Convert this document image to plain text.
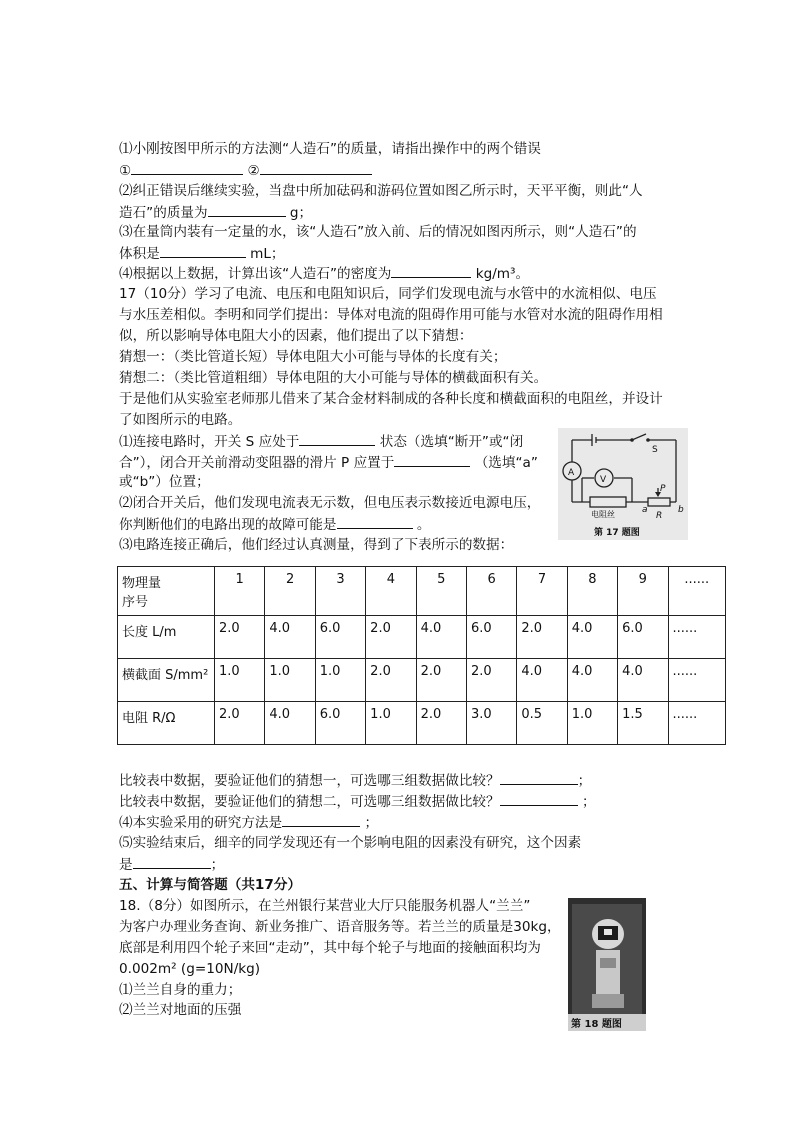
⑴小刚按图甲所示的方法测“人造石”的质量，请指出操作中的两个错误
①	②
⑵纠正错误后继续实验，当盘中所加砝码和游码位置如图乙所示时，天平平衡，则此“人
造石”的质量为	g；
⑶在量筒内装有一定量的水，该“人造石”放入前、后的情况如图丙所示，则“人造石”的
体积是	mL；
⑷根据以上数据，计算出该“人造石”的密度为	kg/m³。
17（10分）学习了电流、电压和电阻知识后，同学们发现电流与水管中的水流相似、电压
与水压差相似。李明和同学们提出：导体对电流的阻碍作用可能与水管对水流的阻碍作用相
似，所以影响导体电阻大小的因素，他们提出了以下猜想：
猜想一：（类比管道长短）导体电阻大小可能与导体的长度有关；
猜想二：（类比管道粗细）导体电阻的大小可能与导体的横截面积有关。
于是他们从实验室老师那儿借来了某合金材料制成的各种长度和横截面积的电阻丝，并设计
了如图所示的电路。
⑴连接电路时，开关 S 应处于	状态（选填“断开”或“闭
合”），闭合开关前滑动变阻器的滑片 P 应置于	（选填“a”
或“b”）位置；
⑵闭合开关后，他们发现电流表无示数，但电压表示数接近电源电压，
你判断他们的电路出现的故障可能是	。
⑶电路连接正确后，他们经过认真测量，得到了下表所示的数据：
A
V
S
电阻丝	a	b
P
R
第 17 题图
物理量
序号	1	2	3	4	5	6	7	8	9	......
长度 L/m	2.0	4.0	6.0	2.0	4.0	6.0	2.0	4.0	6.0	......
横截面 S/mm²	1.0	1.0	1.0	2.0	2.0	2.0	4.0	4.0	4.0	......
电阻 R/Ω	2.0	4.0	6.0	1.0	2.0	3.0	0.5	1.0	1.5	......
比较表中数据，要验证他们的猜想一，可选哪三组数据做比较？	；
比较表中数据，要验证他们的猜想二，可选哪三组数据做比较？	；
⑷本实验采用的研究方法是	；
⑸实验结束后，细辛的同学发现还有一个影响电阻的因素没有研究，这个因素
是	；
五、计算与简答题（共17分）
18.（8分）如图所示，在兰州银行某营业大厅只能服务机器人“兰兰”
为客户办理业务查询、新业务推广、语音服务等。若兰兰的质量是30kg，
底部是利用四个轮子来回“走动”，其中每个轮子与地面的接触面积均为
0.002m² (g=10N/kg)
⑴兰兰自身的重力；
⑵兰兰对地面的压强
第 18 题图
